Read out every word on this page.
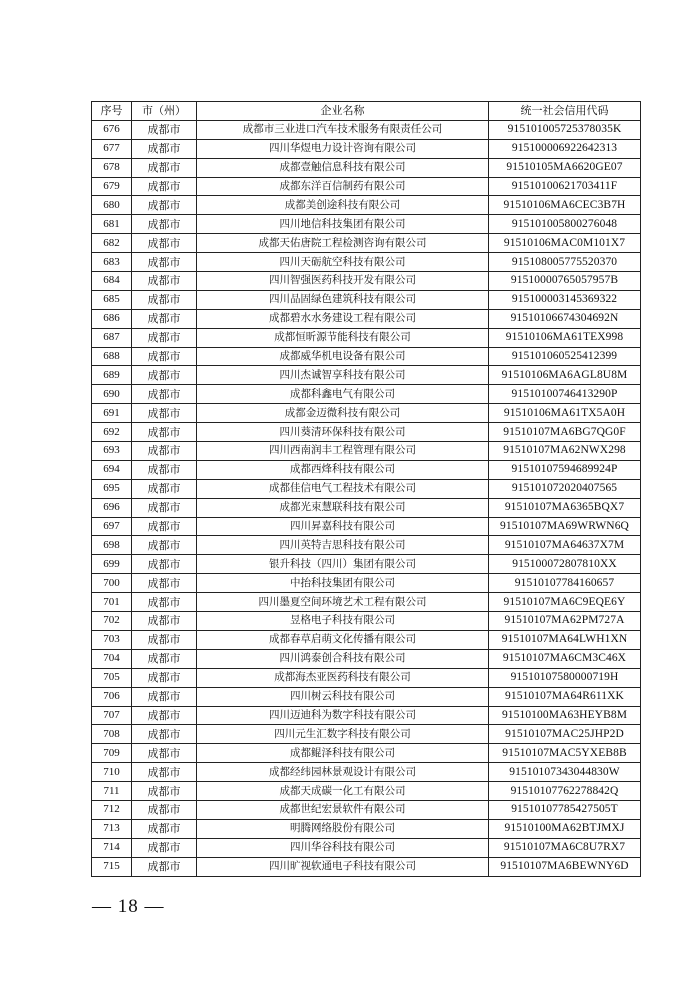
序号	市（州）	企业名称	统一社会信用代码
676	成都市	成都市三业进口汽车技术服务有限责任公司	915101005725378035K
677	成都市	四川华煜电力设计咨询有限公司	915100006922642313
678	成都市	成都壹触信息科技有限公司	91510105MA6620GE07
679	成都市	成都东洋百信制药有限公司	91510100621703411F
680	成都市	成都美创途科技有限公司	91510106MA6CEC3B7H
681	成都市	四川地信科技集团有限公司	915101005800276048
682	成都市	成都天佑唐院工程检测咨询有限公司	91510106MAC0M101X7
683	成都市	四川天砺航空科技有限公司	915108005775520370
684	成都市	四川智强医药科技开发有限公司	91510000765057957B
685	成都市	四川品固绿色建筑科技有限公司	915100003145369322
686	成都市	成都碧水水务建设工程有限公司	91510106674304692N
687	成都市	成都恒昕源节能科技有限公司	91510106MA61TEX998
688	成都市	成都威华机电设备有限公司	915101060525412399
689	成都市	四川杰诚智享科技有限公司	91510106MA6AGL8U8M
690	成都市	成都科鑫电气有限公司	91510100746413290P
691	成都市	成都金迈微科技有限公司	91510106MA61TX5A0H
692	成都市	四川葵清环保科技有限公司	91510107MA6BG7QG0F
693	成都市	四川西南润丰工程管理有限公司	91510107MA62NWX298
694	成都市	成都西烽科技有限公司	91510107594689924P
695	成都市	成都佳信电气工程技术有限公司	915101072020407565
696	成都市	成都光束慧联科技有限公司	91510107MA6365BQX7
697	成都市	四川昇嘉科技有限公司	91510107MA69WRWN6Q
698	成都市	四川英特吉思科技有限公司	91510107MA64637X7M
699	成都市	银升科技（四川）集团有限公司	915100072807810XX
700	成都市	中抬科技集团有限公司	91510107784160657
701	成都市	四川墨夏空间环境艺术工程有限公司	91510107MA6C9EQE6Y
702	成都市	昱格电子科技有限公司	91510107MA62PM727A
703	成都市	成都春草启萌文化传播有限公司	91510107MA64LWH1XN
704	成都市	四川鸿泰创合科技有限公司	91510107MA6CM3C46X
705	成都市	成都海杰亚医药科技有限公司	91510107580000719H
706	成都市	四川树云科技有限公司	91510107MA64R611XK
707	成都市	四川迈迪科为数字科技有限公司	91510100MA63HEYB8M
708	成都市	四川元生汇数字科技有限公司	91510107MAC25JHP2D
709	成都市	成都鲲泽科技有限公司	91510107MAC5YXEB8B
710	成都市	成都经纬园林景观设计有限公司	91510107343044830W
711	成都市	成都天成碳一化工有限公司	91510107762278842Q
712	成都市	成都世纪宏景软件有限公司	91510107785427505T
713	成都市	明腾网络股份有限公司	91510100MA62BTJMXJ
714	成都市	四川华谷科技有限公司	91510107MA6C8U7RX7
715	成都市	四川旷视软通电子科技有限公司	91510107MA6BEWNY6D
— 18 —
